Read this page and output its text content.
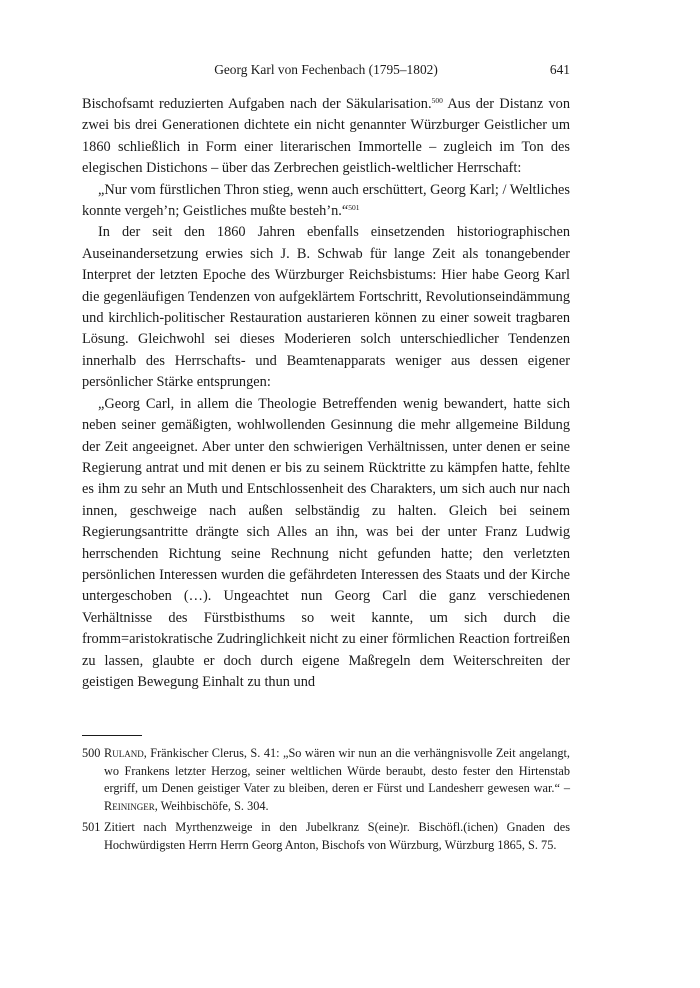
Georg Karl von Fechenbach (1795–1802)	641

Bischofsamt reduzierten Aufgaben nach der Säkularisation.$^{500}$ Aus der Distanz von zwei bis drei Generationen dichtete ein nicht genannter Würzburger Geistlicher um 1860 schließlich in Form einer literarischen Immortelle – zugleich im Ton des elegischen Distichons – über das Zerbrechen geistlich-weltlicher Herrschaft:

„Nur vom fürstlichen Thron stieg, wenn auch erschüttert, Georg Karl; / Weltliches konnte vergeh’n; Geistliches mußte besteh’n.“$^{501}$

In der seit den 1860 Jahren ebenfalls einsetzenden historiographischen Auseinandersetzung erwies sich J. B. Schwab für lange Zeit als tonangebender Interpret der letzten Epoche des Würzburger Reichsbistums: Hier habe Georg Karl die gegenläufigen Tendenzen von aufgeklärtem Fortschritt, Revolutionseindämmung und kirchlich-politischer Restauration austarieren können zu einer soweit tragbaren Lösung. Gleichwohl sei dieses Moderieren solch unterschiedlicher Tendenzen innerhalb des Herrschafts- und Beamtenapparats weniger aus dessen eigener persönlicher Stärke entsprungen:

„Georg Carl, in allem die Theologie Betreffenden wenig bewandert, hatte sich neben seiner gemäßigten, wohlwollenden Gesinnung die mehr allgemeine Bildung der Zeit angeeignet. Aber unter den schwierigen Verhältnissen, unter denen er seine Regierung antrat und mit denen er bis zu seinem Rücktritte zu kämpfen hatte, fehlte es ihm zu sehr an Muth und Entschlossenheit des Charakters, um sich auch nur nach innen, geschweige nach außen selbständig zu halten. Gleich bei seinem Regierungsantritte drängte sich Alles an ihn, was bei der unter Franz Ludwig herrschenden Richtung seine Rechnung nicht gefunden hatte; den verletzten persönlichen Interessen wurden die gefährdeten Interessen des Staats und der Kirche untergeschoben (…). Ungeachtet nun Georg Carl die ganz verschiedenen Verhältnisse des Fürstbisthums so weit kannte, um sich durch die fromm=aristokratische Zudringlichkeit nicht zu einer förmlichen Reaction fortreißen zu lassen, glaubte er doch durch eigene Maßregeln dem Weiterschreiten der geistigen Bewegung Einhalt zu thun und

500 Ruland, Fränkischer Clerus, S. 41: „So wären wir nun an die verhängnisvolle Zeit angelangt, wo Frankens letzter Herzog, seiner weltlichen Würde beraubt, desto fester den Hirtenstab ergriff, um Denen geistiger Vater zu bleiben, deren er Fürst und Landesherr gewesen war.“ – Reininger, Weihbischöfe, S. 304.
501 Zitiert nach Myrthenzweige in den Jubelkranz S(eine)r. Bischöfl.(ichen) Gnaden des Hochwürdigsten Herrn Herrn Georg Anton, Bischofs von Würzburg, Würzburg 1865, S. 75.
